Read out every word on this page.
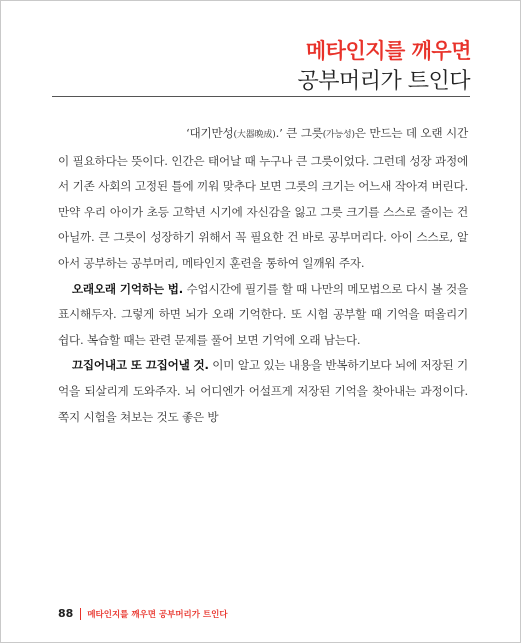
메타인지를 깨우면
공부머리가 트인다

‘대기만성(大器晩成).’ 큰 그릇(가능성)은 만드는 데 오랜 시간이 필요하다는 뜻이다. 인간은 태어날 때 누구나 큰 그릇이었다. 그런데 성장 과정에서 기존 사회의 고정된 틀에 끼워 맞추다 보면 그릇의 크기는 어느새 작아져 버린다. 만약 우리 아이가 초등 고학년 시기에 자신감을 잃고 그릇 크기를 스스로 줄이는 건 아닐까. 큰 그릇이 성장하기 위해서 꼭 필요한 건 바로 공부머리다. 아이 스스로, 알아서 공부하는 공부머리, 메타인지 훈련을 통하여 일깨워 주자.

오래오래 기억하는 법. 수업시간에 필기를 할 때 나만의 메모법으로 다시 볼 것을 표시해두자. 그렇게 하면 뇌가 오래 기억한다. 또 시험 공부할 때 기억을 떠올리기 쉽다. 복습할 때는 관련 문제를 풀어 보면 기억에 오래 남는다.

끄집어내고 또 끄집어낼 것. 이미 알고 있는 내용을 반복하기보다 뇌에 저장된 기억을 되살리게 도와주자. 뇌 어디엔가 어설프게 저장된 기억을 찾아내는 과정이다. 쪽지 시험을 쳐보는 것도 좋은 방

88 메타인지를 깨우면 공부머리가 트인다
